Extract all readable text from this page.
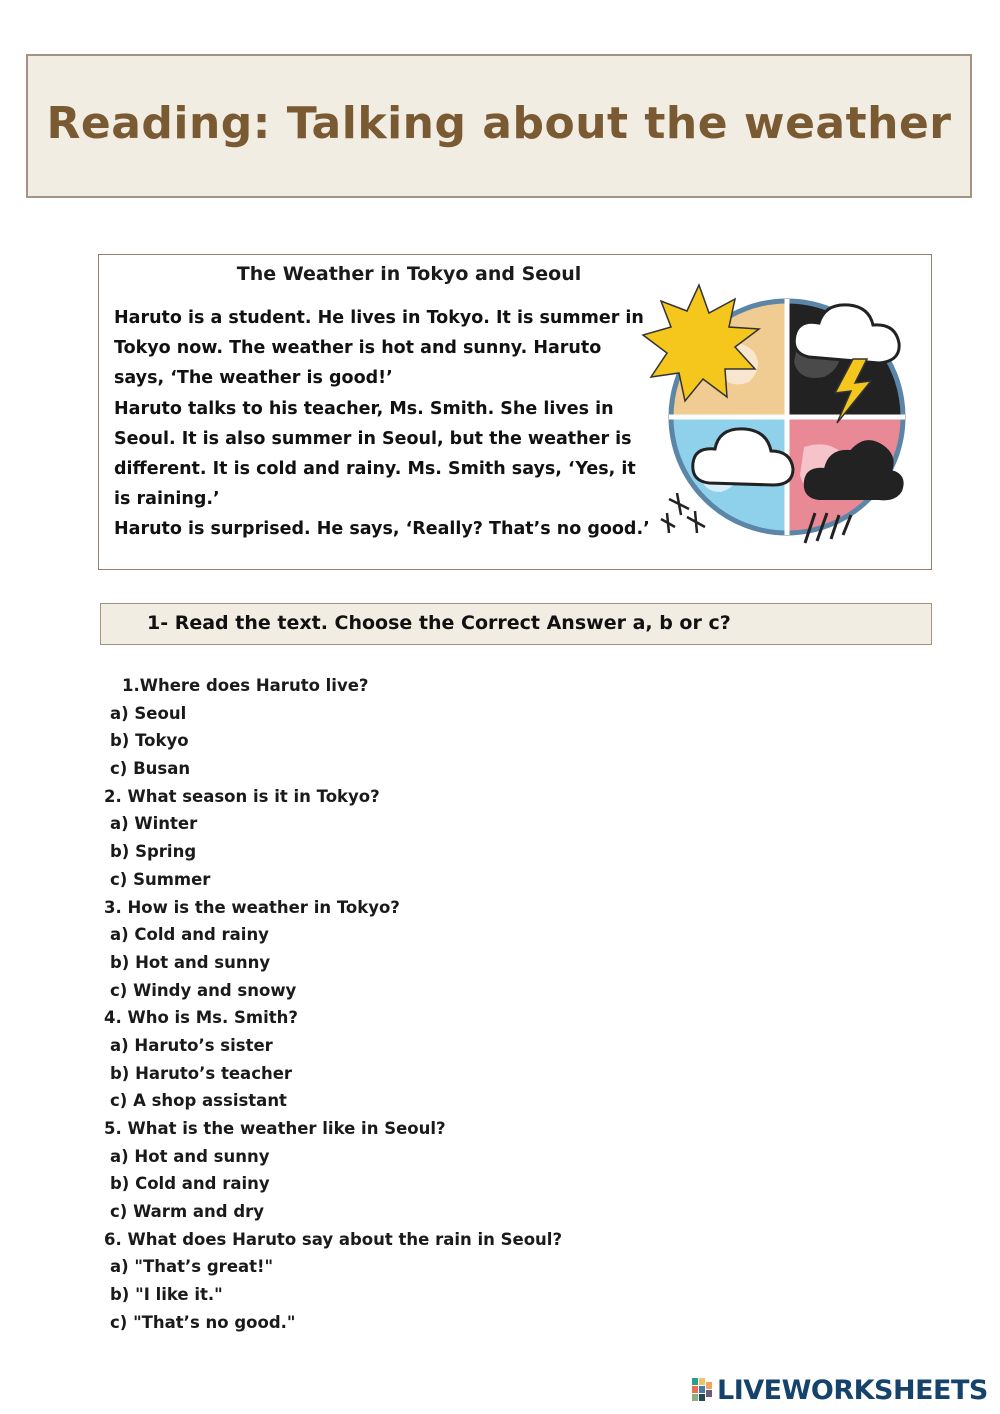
Reading: Talking about the weather
The Weather in Tokyo and Seoul
Haruto is a student. He lives in Tokyo. It is summer in
Tokyo now. The weather is hot and sunny. Haruto
says, ‘The weather is good!’
Haruto talks to his teacher, Ms. Smith. She lives in
Seoul. It is also summer in Seoul, but the weather is
different. It is cold and rainy. Ms. Smith says, ‘Yes, it
is raining.’
Haruto is surprised. He says, ‘Really? That’s no good.’
1- Read the text. Choose the Correct Answer a, b or c?
1.Where does Haruto live?
a) Seoul
b) Tokyo
c) Busan
2. What season is it in Tokyo?
a) Winter
b) Spring
c) Summer
3. How is the weather in Tokyo?
a) Cold and rainy
b) Hot and sunny
c) Windy and snowy
4. Who is Ms. Smith?
a) Haruto’s sister
b) Haruto’s teacher
c) A shop assistant
5. What is the weather like in Seoul?
a) Hot and sunny
b) Cold and rainy
c) Warm and dry
6. What does Haruto say about the rain in Seoul?
a) "That’s great!"
b) "I like it."
c) "That’s no good."
LIVEWORKSHEETS
